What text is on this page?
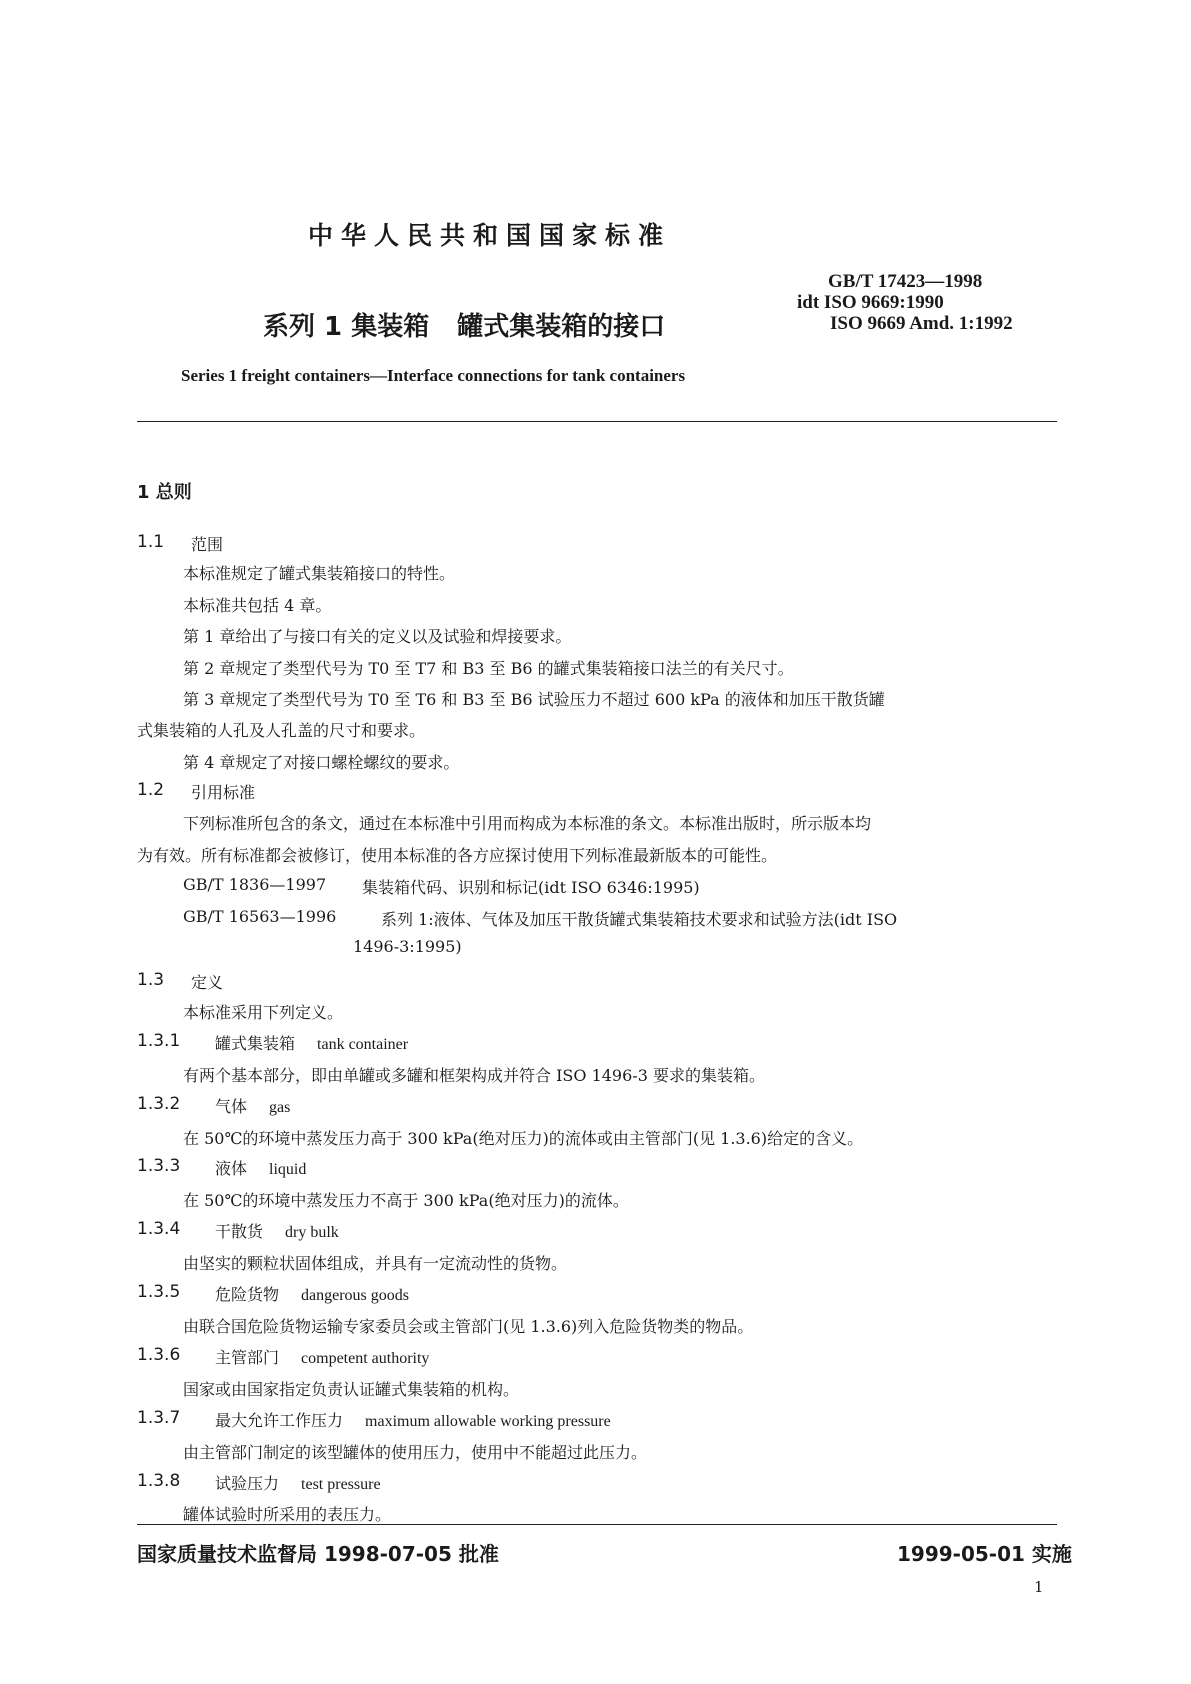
中华人民共和国国家标准
系列 1 集装箱 罐式集装箱的接口
GB/T 17423—1998
idt ISO 9669:1990
ISO 9669 Amd. 1:1992
Series 1 freight containers—Interface connections for tank containers
1 总则
1.1 范围
本标准规定了罐式集装箱接口的特性。
本标准共包括 4 章。
第 1 章给出了与接口有关的定义以及试验和焊接要求。
第 2 章规定了类型代号为 T0 至 T7 和 B3 至 B6 的罐式集装箱接口法兰的有关尺寸。
第 3 章规定了类型代号为 T0 至 T6 和 B3 至 B6 试验压力不超过 600 kPa 的液体和加压干散货罐
式集装箱的人孔及人孔盖的尺寸和要求。
第 4 章规定了对接口螺栓螺纹的要求。
1.2 引用标准
下列标准所包含的条文，通过在本标准中引用而构成为本标准的条文。本标准出版时，所示版本均
为有效。所有标准都会被修订，使用本标准的各方应探讨使用下列标准最新版本的可能性。
GB/T 1836—1997 集装箱代码、识别和标记(idt ISO 6346:1995)
GB/T 16563—1996	系列 1:液体、气体及加压干散货罐式集装箱技术要求和试验方法(idt ISO
1496-3:1995)
1.3 定义
本标准采用下列定义。
1.3.1 罐式集装箱 tank container
有两个基本部分，即由单罐或多罐和框架构成并符合 ISO 1496-3 要求的集装箱。
1.3.2 气体 gas
在 50℃的环境中蒸发压力高于 300 kPa(绝对压力)的流体或由主管部门(见 1.3.6)给定的含义。
1.3.3 液体 liquid
在 50℃的环境中蒸发压力不高于 300 kPa(绝对压力)的流体。
1.3.4 干散货 dry bulk
由坚实的颗粒状固体组成，并具有一定流动性的货物。
1.3.5 危险货物 dangerous goods
由联合国危险货物运输专家委员会或主管部门(见 1.3.6)列入危险货物类的物品。
1.3.6 主管部门 competent authority
国家或由国家指定负责认证罐式集装箱的机构。
1.3.7 最大允许工作压力 maximum allowable working pressure
由主管部门制定的该型罐体的使用压力，使用中不能超过此压力。
1.3.8 试验压力 test pressure
罐体试验时所采用的表压力。
国家质量技术监督局 1998-07-05 批准	1999-05-01 实施
1
